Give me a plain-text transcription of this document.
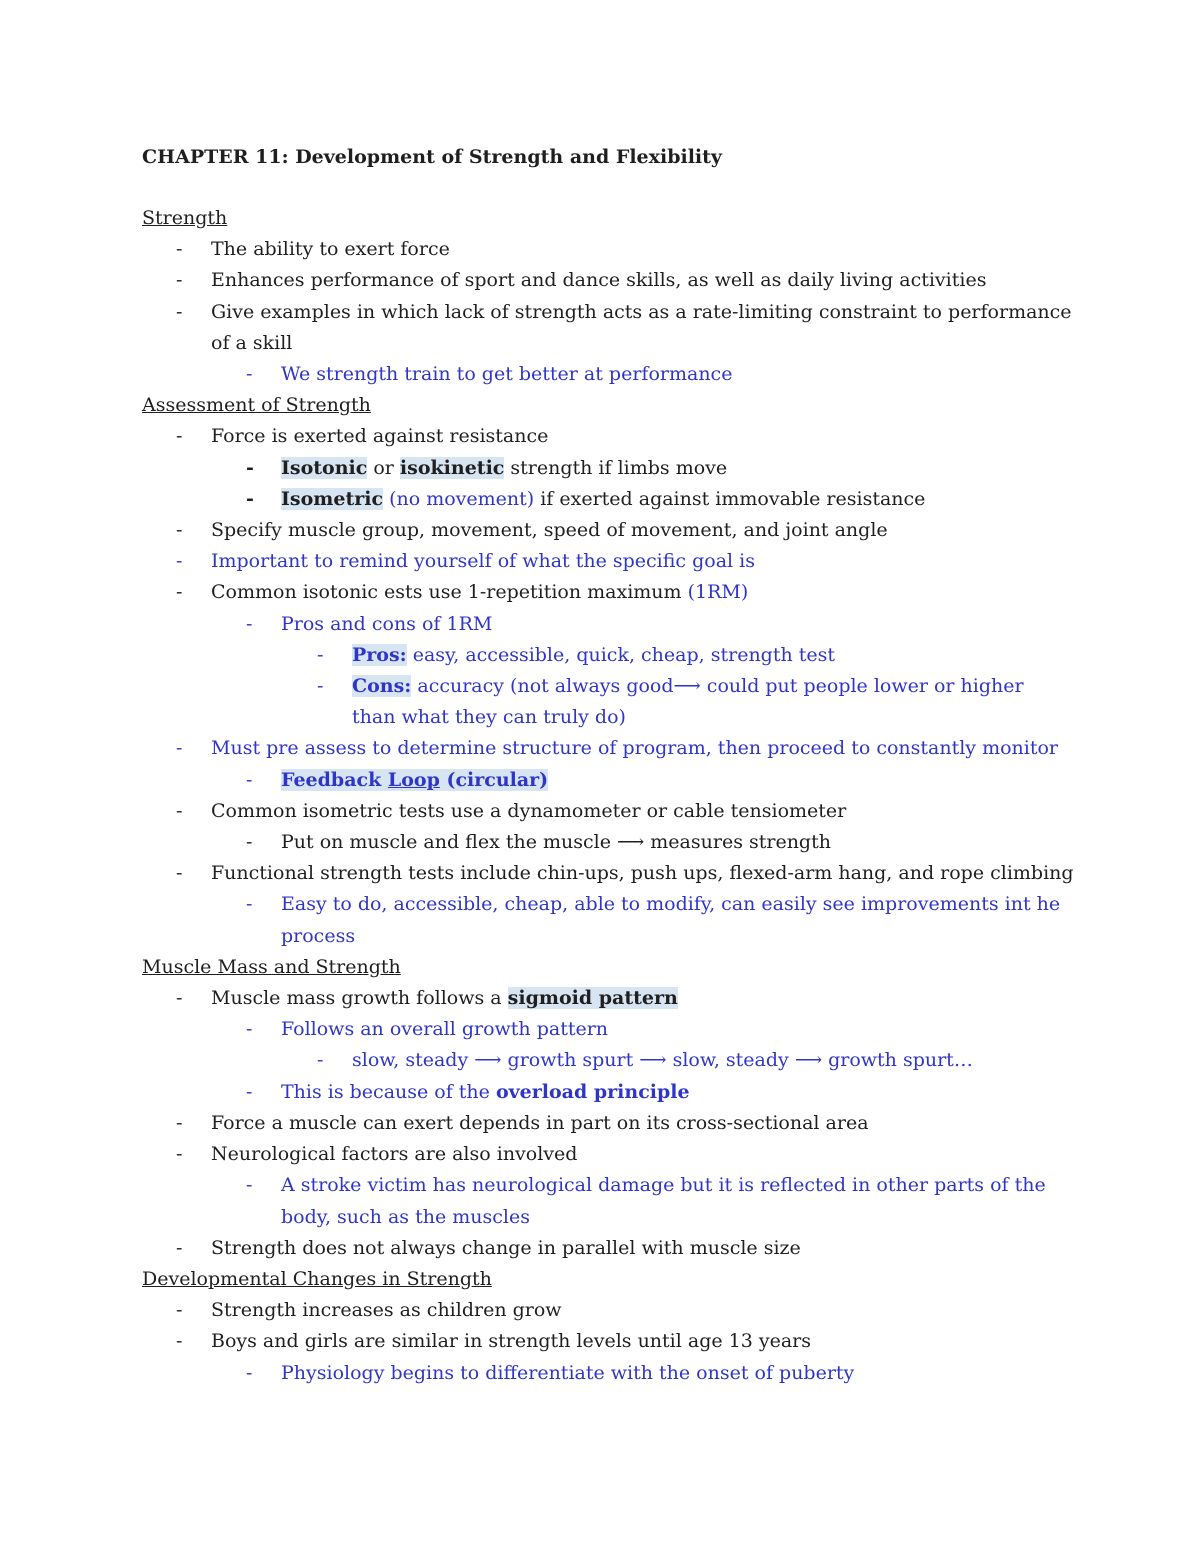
CHAPTER 11: Development of Strength and Flexibility
Strength
- The ability to exert force
- Enhances performance of sport and dance skills, as well as daily living activities
- Give examples in which lack of strength acts as a rate-limiting constraint to performance of a skill
- We strength train to get better at performance
Assessment of Strength
- Force is exerted against resistance
- Isotonic or isokinetic strength if limbs move
- Isometric (no movement) if exerted against immovable resistance
- Specify muscle group, movement, speed of movement, and joint angle
- Important to remind yourself of what the specific goal is
- Common isotonic ests use 1-repetition maximum (1RM)
- Pros and cons of 1RM
- Pros: easy, accessible, quick, cheap, strength test
- Cons: accuracy (not always good⟶ could put people lower or higher than what they can truly do)
- Must pre assess to determine structure of program, then proceed to constantly monitor
- Feedback Loop (circular)
- Common isometric tests use a dynamometer or cable tensiometer
- Put on muscle and flex the muscle ⟶ measures strength
- Functional strength tests include chin-ups, push ups, flexed-arm hang, and rope climbing
- Easy to do, accessible, cheap, able to modify, can easily see improvements int he process
Muscle Mass and Strength
- Muscle mass growth follows a sigmoid pattern
- Follows an overall growth pattern
- slow, steady ⟶ growth spurt ⟶ slow, steady ⟶ growth spurt…
- This is because of the overload principle
- Force a muscle can exert depends in part on its cross-sectional area
- Neurological factors are also involved
- A stroke victim has neurological damage but it is reflected in other parts of the body, such as the muscles
- Strength does not always change in parallel with muscle size
Developmental Changes in Strength
- Strength increases as children grow
- Boys and girls are similar in strength levels until age 13 years
- Physiology begins to differentiate with the onset of puberty
